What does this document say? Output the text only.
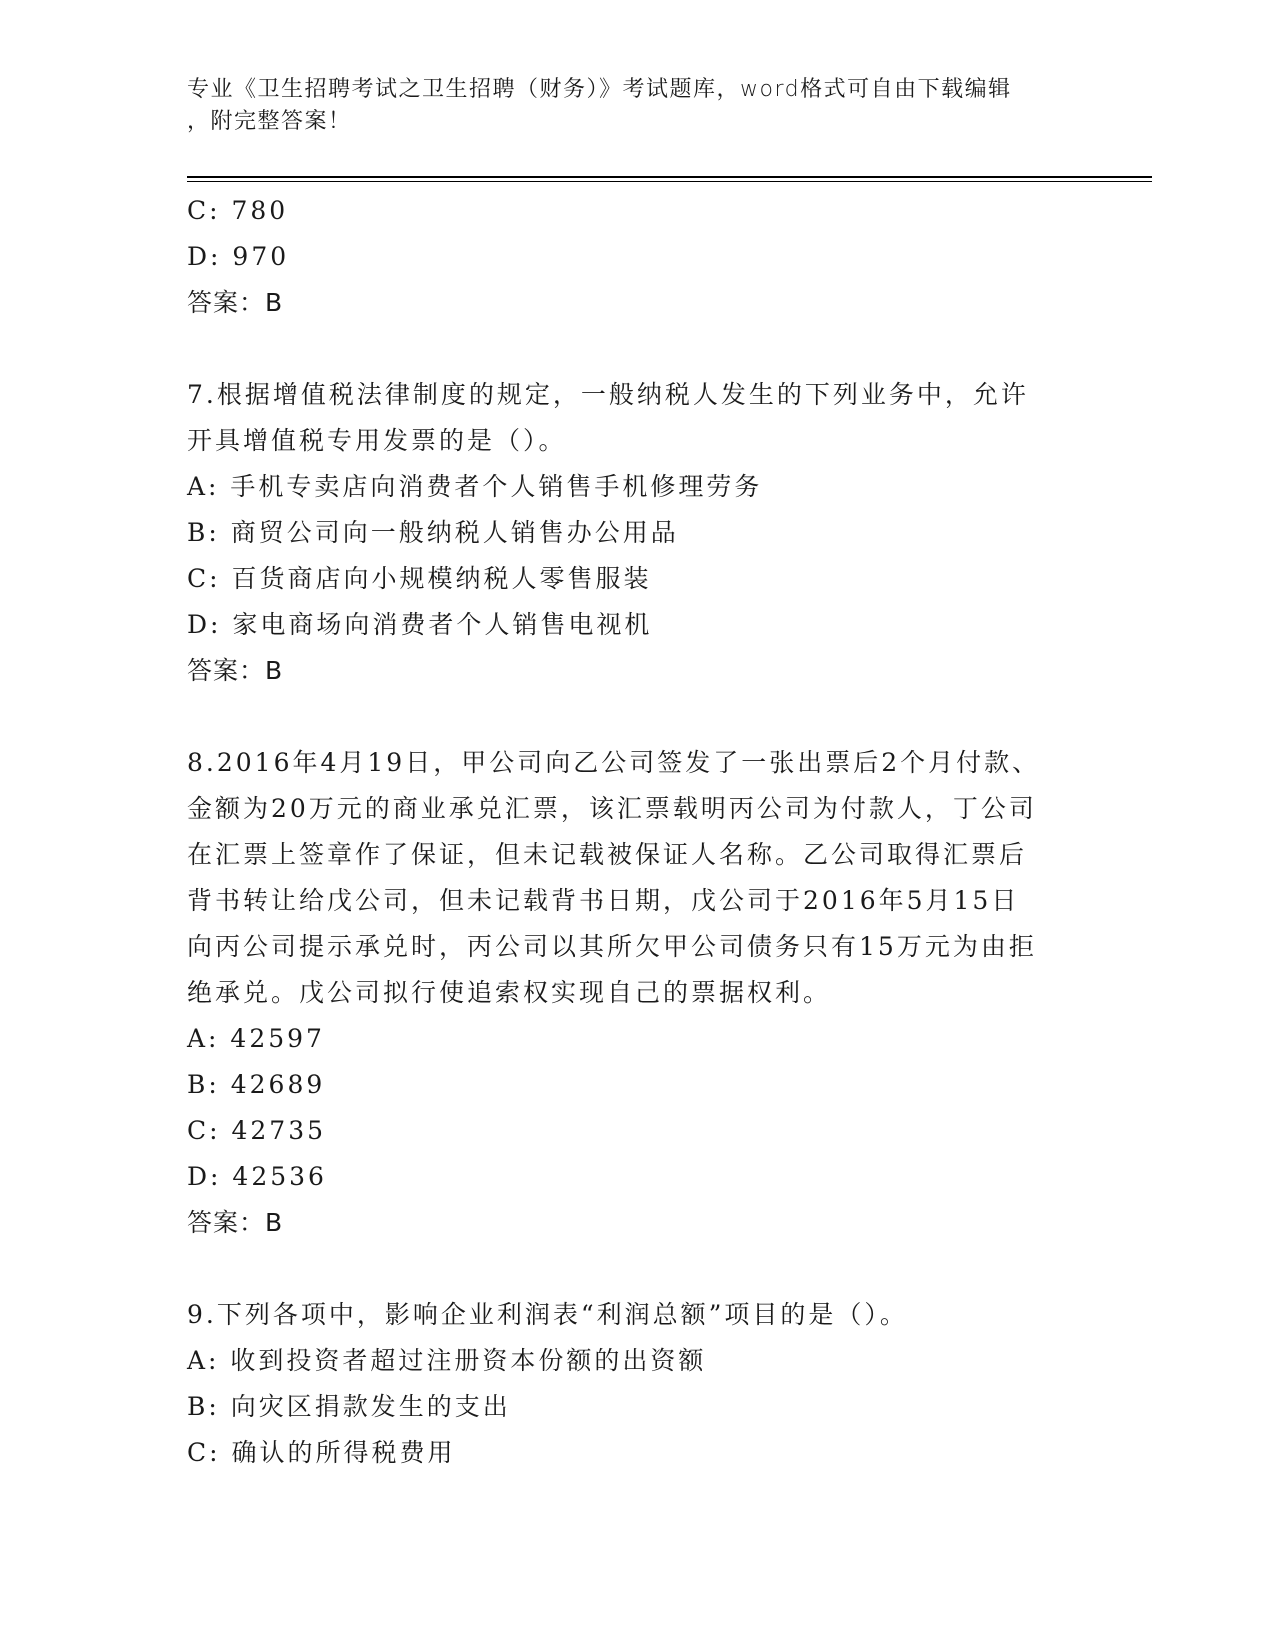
专业《卫生招聘考试之卫生招聘（财务）》考试题库，word格式可自由下载编辑
，附完整答案！
C: 780
D: 970
答案：B
7.根据增值税法律制度的规定，一般纳税人发生的下列业务中，允许
开具增值税专用发票的是（）。
A: 手机专卖店向消费者个人销售手机修理劳务
B: 商贸公司向一般纳税人销售办公用品
C: 百货商店向小规模纳税人零售服装
D: 家电商场向消费者个人销售电视机
答案：B
8.2016年4月19日，甲公司向乙公司签发了一张出票后2个月付款、
金额为20万元的商业承兑汇票，该汇票载明丙公司为付款人，丁公司
在汇票上签章作了保证，但未记载被保证人名称。乙公司取得汇票后
背书转让给戊公司，但未记载背书日期，戊公司于2016年5月15日
向丙公司提示承兑时，丙公司以其所欠甲公司债务只有15万元为由拒
绝承兑。戊公司拟行使追索权实现自己的票据权利。
A: 42597
B: 42689
C: 42735
D: 42536
答案：B
9.下列各项中，影响企业利润表“利润总额”项目的是（）。
A: 收到投资者超过注册资本份额的出资额
B: 向灾区捐款发生的支出
C: 确认的所得税费用
